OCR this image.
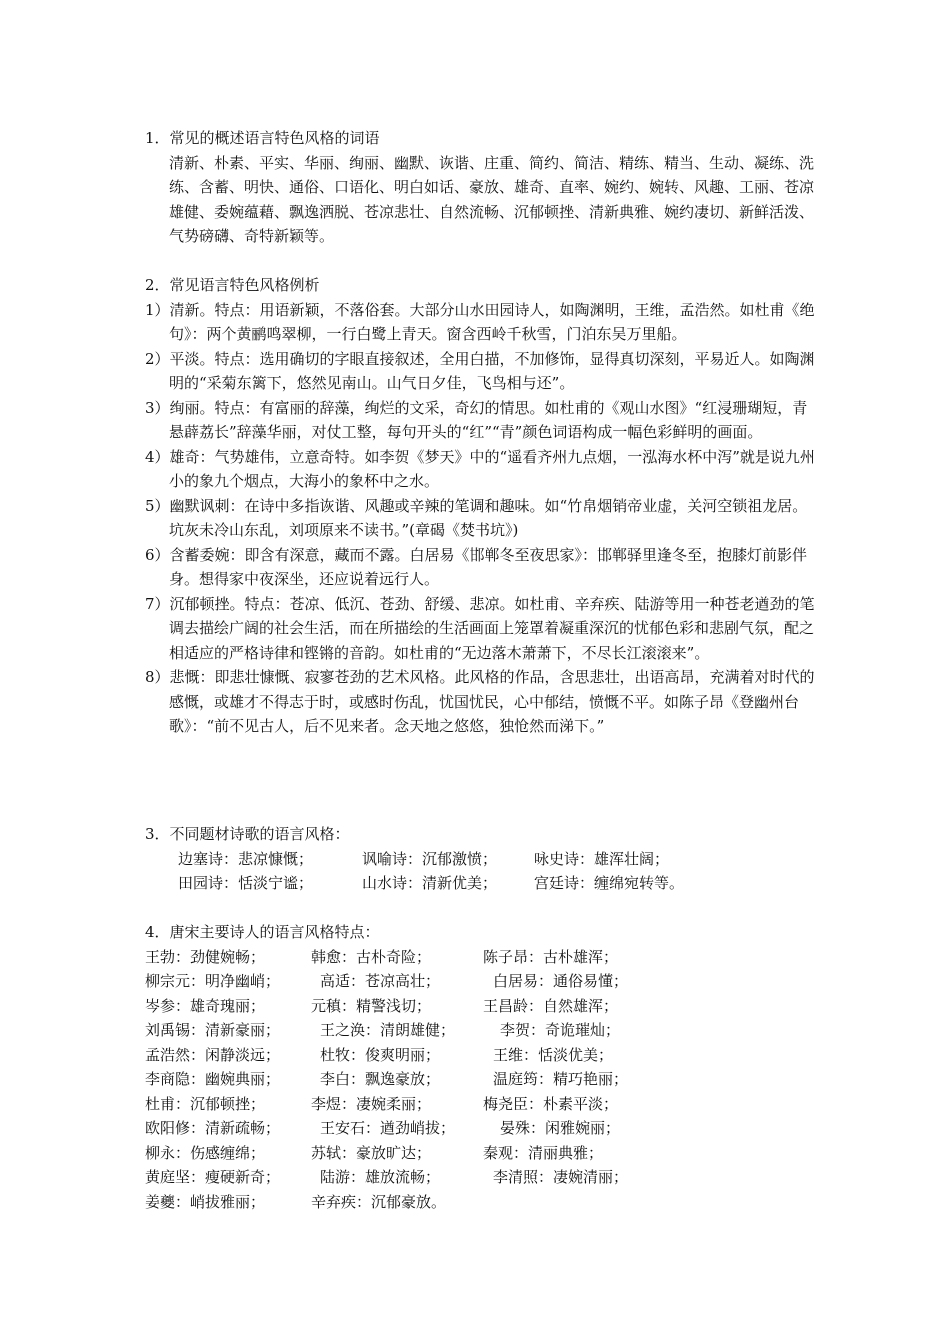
1．常见的概述语言特色风格的词语
清新、朴素、平实、华丽、绚丽、幽默、诙谐、庄重、简约、简洁、精练、精当、生动、凝练、洗练、含蓄、明快、通俗、口语化、明白如话、豪放、雄奇、直率、婉约、婉转、风趣、工丽、苍凉雄健、委婉蕴藉、飘逸洒脱、苍凉悲壮、自然流畅、沉郁顿挫、清新典雅、婉约凄切、新鲜活泼、气势磅礴、奇特新颖等。
2．常见语言特色风格例析
1）清新。特点：用语新颖，不落俗套。大部分山水田园诗人，如陶渊明，王维，孟浩然。如杜甫《绝句》：两个黄鹂鸣翠柳，一行白鹭上青天。窗含西岭千秋雪，门泊东吴万里船。
2）平淡。特点：选用确切的字眼直接叙述，全用白描，不加修饰，显得真切深刻，平易近人。如陶渊明的“采菊东篱下，悠然见南山。山气日夕佳，飞鸟相与还”。
3）绚丽。特点：有富丽的辞藻，绚烂的文采，奇幻的情思。如杜甫的《观山水图》“红浸珊瑚短，青悬薜荔长”辞藻华丽，对仗工整，每句开头的“红”“青”颜色词语构成一幅色彩鲜明的画面。
4）雄奇：气势雄伟，立意奇特。如李贺《梦天》中的“遥看齐州九点烟，一泓海水杯中泻”就是说九州小的象九个烟点，大海小的象杯中之水。
5）幽默讽刺：在诗中多指诙谐、风趣或辛辣的笔调和趣味。如“竹帛烟销帝业虚，关河空锁祖龙居。坑灰未冷山东乱，刘项原来不读书。”(章碣《焚书坑》)
6）含蓄委婉：即含有深意，藏而不露。白居易《邯郸冬至夜思家》：邯郸驿里逢冬至，抱膝灯前影伴身。想得家中夜深坐，还应说着远行人。
7）沉郁顿挫。特点：苍凉、低沉、苍劲、舒缓、悲凉。如杜甫、辛弃疾、陆游等用一种苍老遒劲的笔调去描绘广阔的社会生活，而在所描绘的生活画面上笼罩着凝重深沉的忧郁色彩和悲剧气氛，配之相适应的严格诗律和铿锵的音韵。如杜甫的“无边落木萧萧下，不尽长江滚滚来”。
8）悲慨：即悲壮慷慨、寂寥苍劲的艺术风格。此风格的作品，含思悲壮，出语高昂，充满着对时代的感慨，或雄才不得志于时，或感时伤乱，忧国忧民，心中郁结，愤慨不平。如陈子昂《登幽州台歌》：“前不见古人，后不见来者。念天地之悠悠，独怆然而涕下。”
3．不同题材诗歌的语言风格：
边塞诗：悲凉慷慨；	讽喻诗：沉郁激愤； 咏史诗：雄浑壮阔；
田园诗：恬淡宁谧；	山水诗：清新优美； 宫廷诗：缠绵宛转等。
4．唐宋主要诗人的语言风格特点：
王勃：劲健婉畅；	韩愈：古朴奇险；	陈子昂：古朴雄浑；
柳宗元：明净幽峭；	高适：苍凉高壮；	白居易：通俗易懂；
岑参：雄奇瑰丽；	元稹：精警浅切；	王昌龄：自然雄浑；
刘禹锡：清新豪丽；	王之涣：清朗雄健；	李贺：奇诡璀灿；
孟浩然：闲静淡远；	杜牧：俊爽明丽；	王维：恬淡优美；
李商隐：幽婉典丽；	李白：飘逸豪放；	温庭筠：精巧艳丽；
杜甫：沉郁顿挫；	李煜：凄婉柔丽；	梅尧臣：朴素平淡；
欧阳修：清新疏畅；	王安石：遒劲峭拔；	晏殊：闲雅婉丽；
柳永：伤感缠绵；	苏轼：豪放旷达；	秦观：清丽典雅；
黄庭坚：瘦硬新奇；	陆游：雄放流畅；	李清照：凄婉清丽；
姜夔：峭拔雅丽；	辛弃疾：沉郁豪放。
